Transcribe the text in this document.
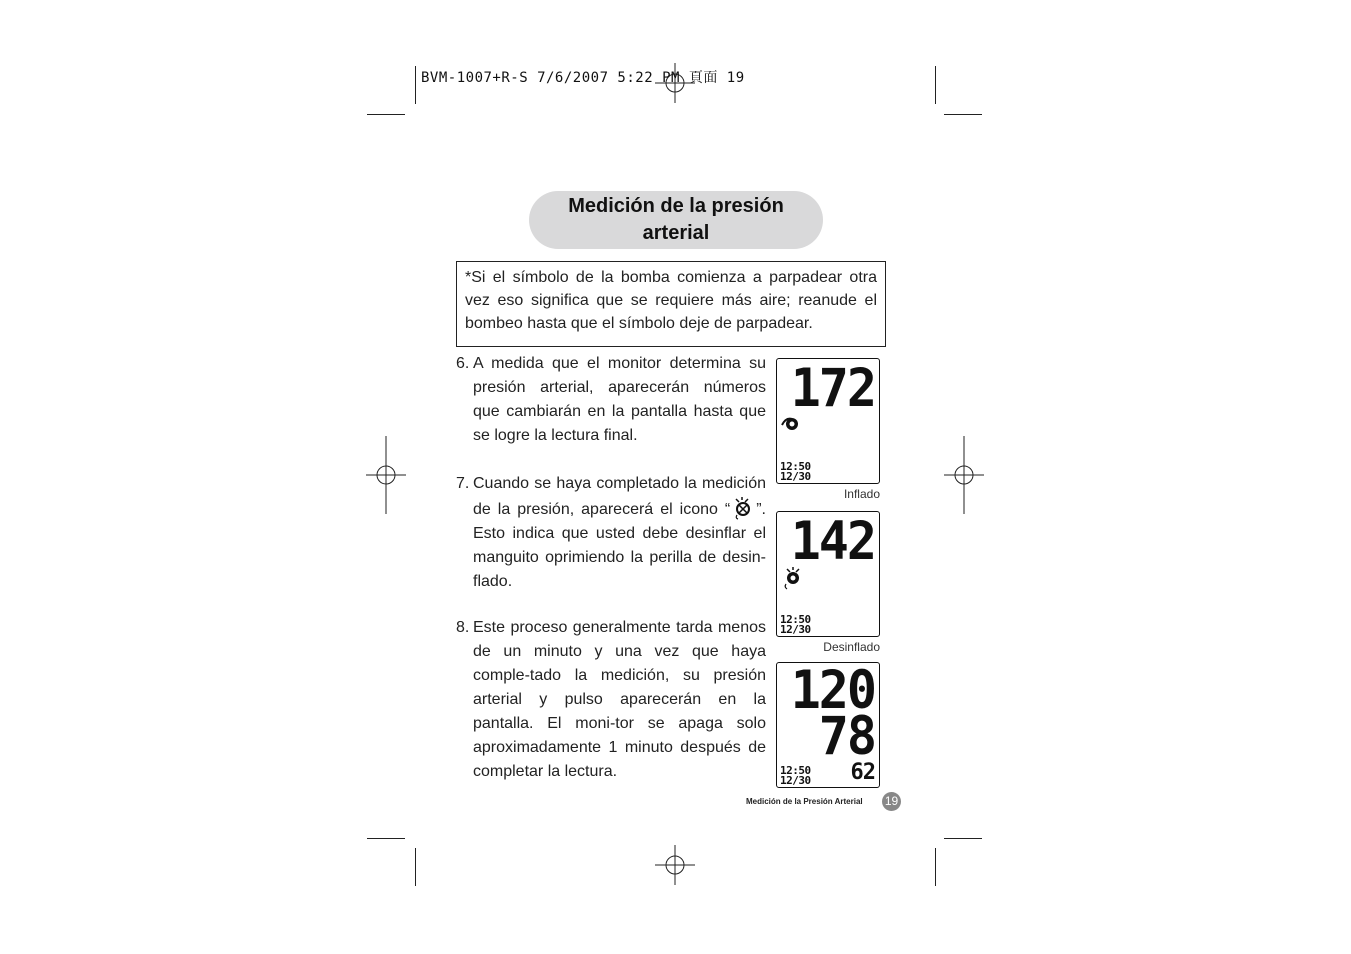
BVM-1007+R-S 7/6/2007 5:22 PM 頁面 19
Medición de la presión arterial
*Si el símbolo de la bomba comienza a parpadear otra vez eso significa que se requiere más aire; reanude el bombeo hasta que el símbolo deje de parpadear.
6. A medida que el monitor determina su presión arterial, aparecerán números que cambiarán en la pantalla hasta que se logre la lectura final.
7. Cuando se haya completado la medición de la presión, aparecerá el icono “ ”. Esto indica que usted debe desinflar el manguito oprimiendo la perilla de desin-flado.
8. Este proceso generalmente tarda menos de un minuto y una vez que haya comple-tado la medición, su presión arterial y pulso aparecerán en la pantalla. El moni-tor se apaga solo aproximadamente 1 minuto después de completar la lectura.
172
12:50
12/30
Inflado
142
12:50
12/30
Desinflado
120
78
12:50
12/30 62
Medición de la Presión Arterial 19
